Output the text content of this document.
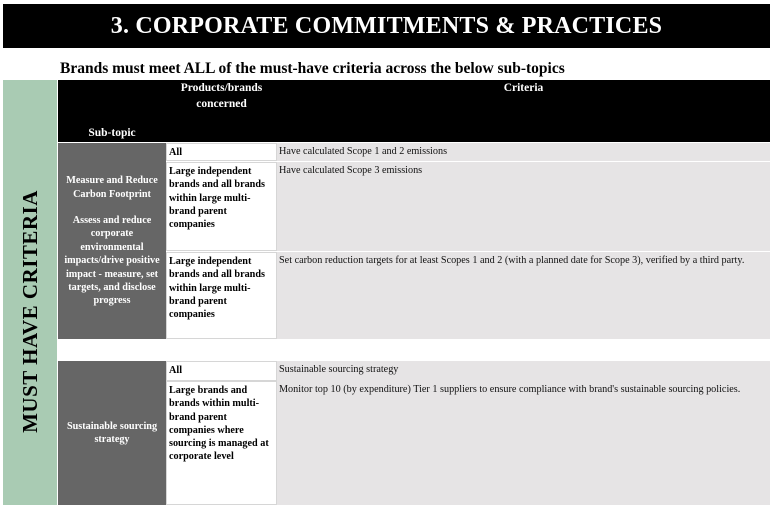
3. CORPORATE COMMITMENTS & PRACTICES
Brands must meet ALL of the must-have criteria across the below sub-topics
MUST HAVE CRITERIA
Sub-topic
Products/brands concerned
Criteria
Measure and Reduce Carbon Footprint
Assess and reduce corporate environmental impacts/drive positive impact - measure, set targets, and disclose progress
All	Have calculated Scope 1 and 2 emissions
Large independent brands and all brands within large multi-brand parent companies
Have calculated Scope 3 emissions
Large independent brands and all brands within large multi-brand parent companies
Set carbon reduction targets for at least Scopes 1 and 2 (with a planned date for Scope 3), verified by a third party.
Sustainable sourcing strategy
All	Sustainable sourcing strategy
Large brands and brands within multi-brand parent companies where sourcing is managed at corporate level
Monitor top 10 (by expenditure) Tier 1 suppliers to ensure compliance with brand's sustainable sourcing policies.
